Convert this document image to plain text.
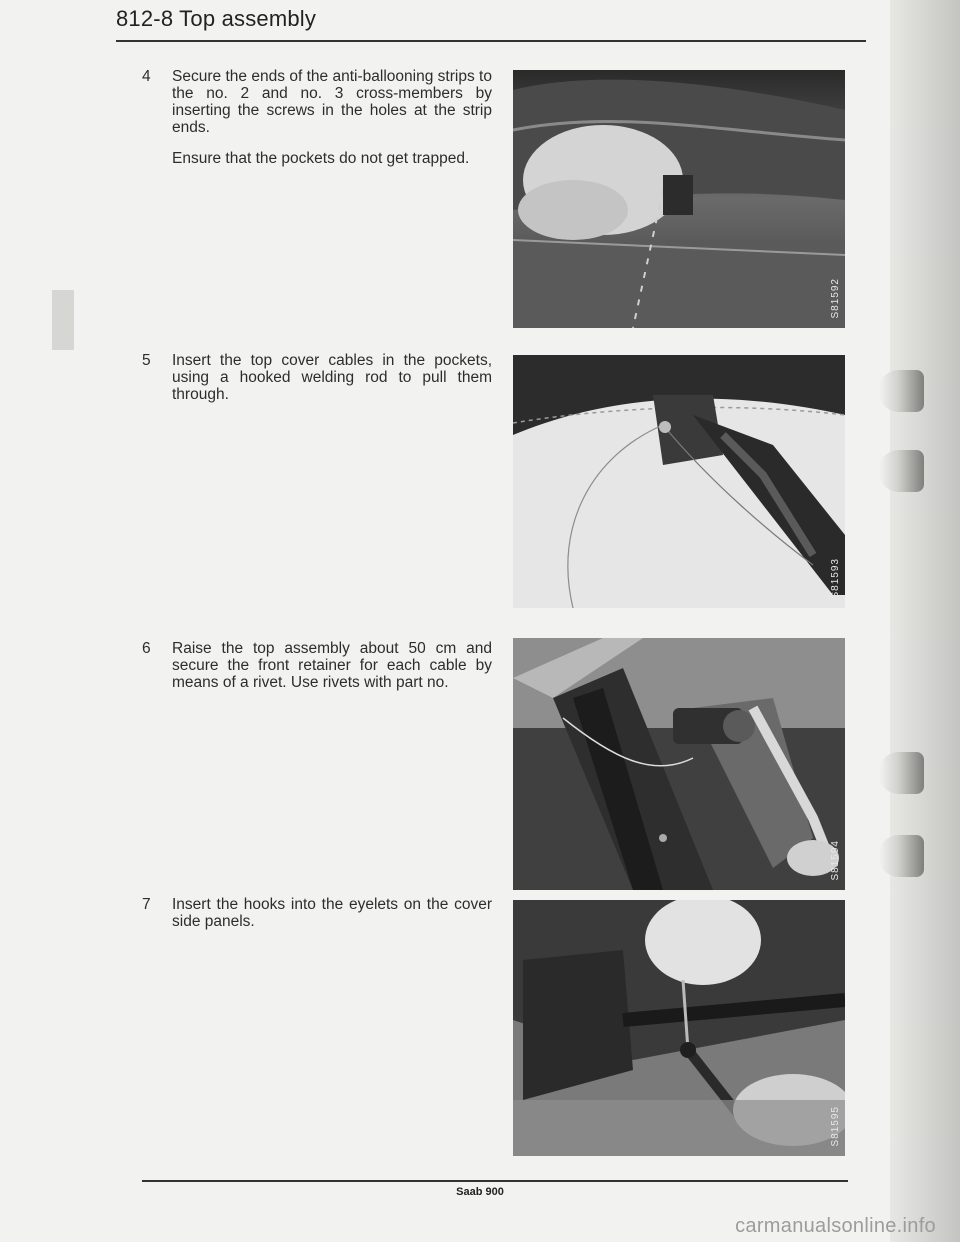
812-8 Top assembly
4 Secure the ends of the anti-ballooning strips to the no. 2 and no. 3 cross-members by inserting the screws in the holes at the strip ends.

Ensure that the pockets do not get trapped.

5 Insert the top cover cables in the pockets, using a hooked welding rod to pull them through.

6 Raise the top assembly about 50 cm and secure the front retainer for each cable by means of a rivet. Use rivets with part no.

7 Insert the hooks into the eyelets on the cover side panels.

S81592
S81593
S81594
S81595
Saab 900
carmanualsonline.info
